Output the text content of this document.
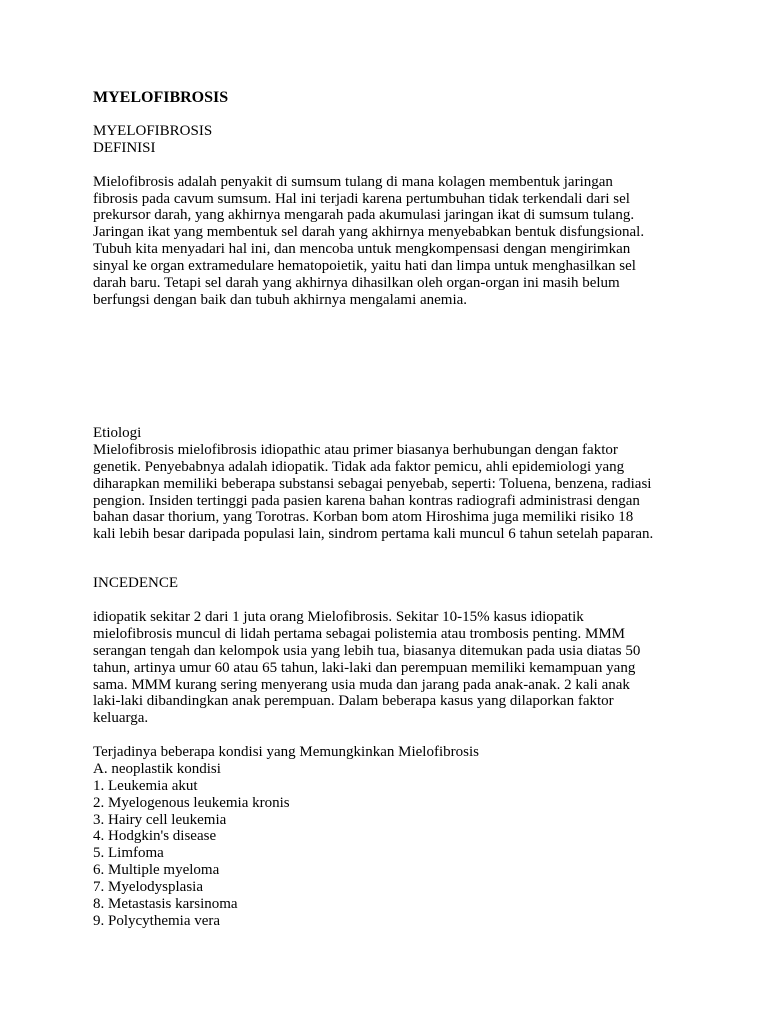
MYELOFIBROSIS
MYELOFIBROSIS
DEFINISI
Mielofibrosis adalah penyakit di sumsum tulang di mana kolagen membentuk jaringan
fibrosis pada cavum sumsum. Hal ini terjadi karena pertumbuhan tidak terkendali dari sel
prekursor darah, yang akhirnya mengarah pada akumulasi jaringan ikat di sumsum tulang.
Jaringan ikat yang membentuk sel darah yang akhirnya menyebabkan bentuk disfungsional.
Tubuh kita menyadari hal ini, dan mencoba untuk mengkompensasi dengan mengirimkan
sinyal ke organ extramedulare hematopoietik, yaitu hati dan limpa untuk menghasilkan sel
darah baru. Tetapi sel darah yang akhirnya dihasilkan oleh organ-organ ini masih belum
berfungsi dengan baik dan tubuh akhirnya mengalami anemia.
Etiologi
Mielofibrosis mielofibrosis idiopathic atau primer biasanya berhubungan dengan faktor
genetik. Penyebabnya adalah idiopatik. Tidak ada faktor pemicu, ahli epidemiologi yang
diharapkan memiliki beberapa substansi sebagai penyebab, seperti: Toluena, benzena, radiasi
pengion. Insiden tertinggi pada pasien karena bahan kontras radiografi administrasi dengan
bahan dasar thorium, yang Torotras. Korban bom atom Hiroshima juga memiliki risiko 18
kali lebih besar daripada populasi lain, sindrom pertama kali muncul 6 tahun setelah paparan.
INCEDENCE
idiopatik sekitar 2 dari 1 juta orang Mielofibrosis. Sekitar 10-15% kasus idiopatik
mielofibrosis muncul di lidah pertama sebagai polistemia atau trombosis penting. MMM
serangan tengah dan kelompok usia yang lebih tua, biasanya ditemukan pada usia diatas 50
tahun, artinya umur 60 atau 65 tahun, laki-laki dan perempuan memiliki kemampuan yang
sama. MMM kurang sering menyerang usia muda dan jarang pada anak-anak. 2 kali anak
laki-laki dibandingkan anak perempuan. Dalam beberapa kasus yang dilaporkan faktor
keluarga.
Terjadinya beberapa kondisi yang Memungkinkan Mielofibrosis
A. neoplastik kondisi
1. Leukemia akut
2. Myelogenous leukemia kronis
3. Hairy cell leukemia
4. Hodgkin's disease
5. Limfoma
6. Multiple myeloma
7. Myelodysplasia
8. Metastasis karsinoma
9. Polycythemia vera
